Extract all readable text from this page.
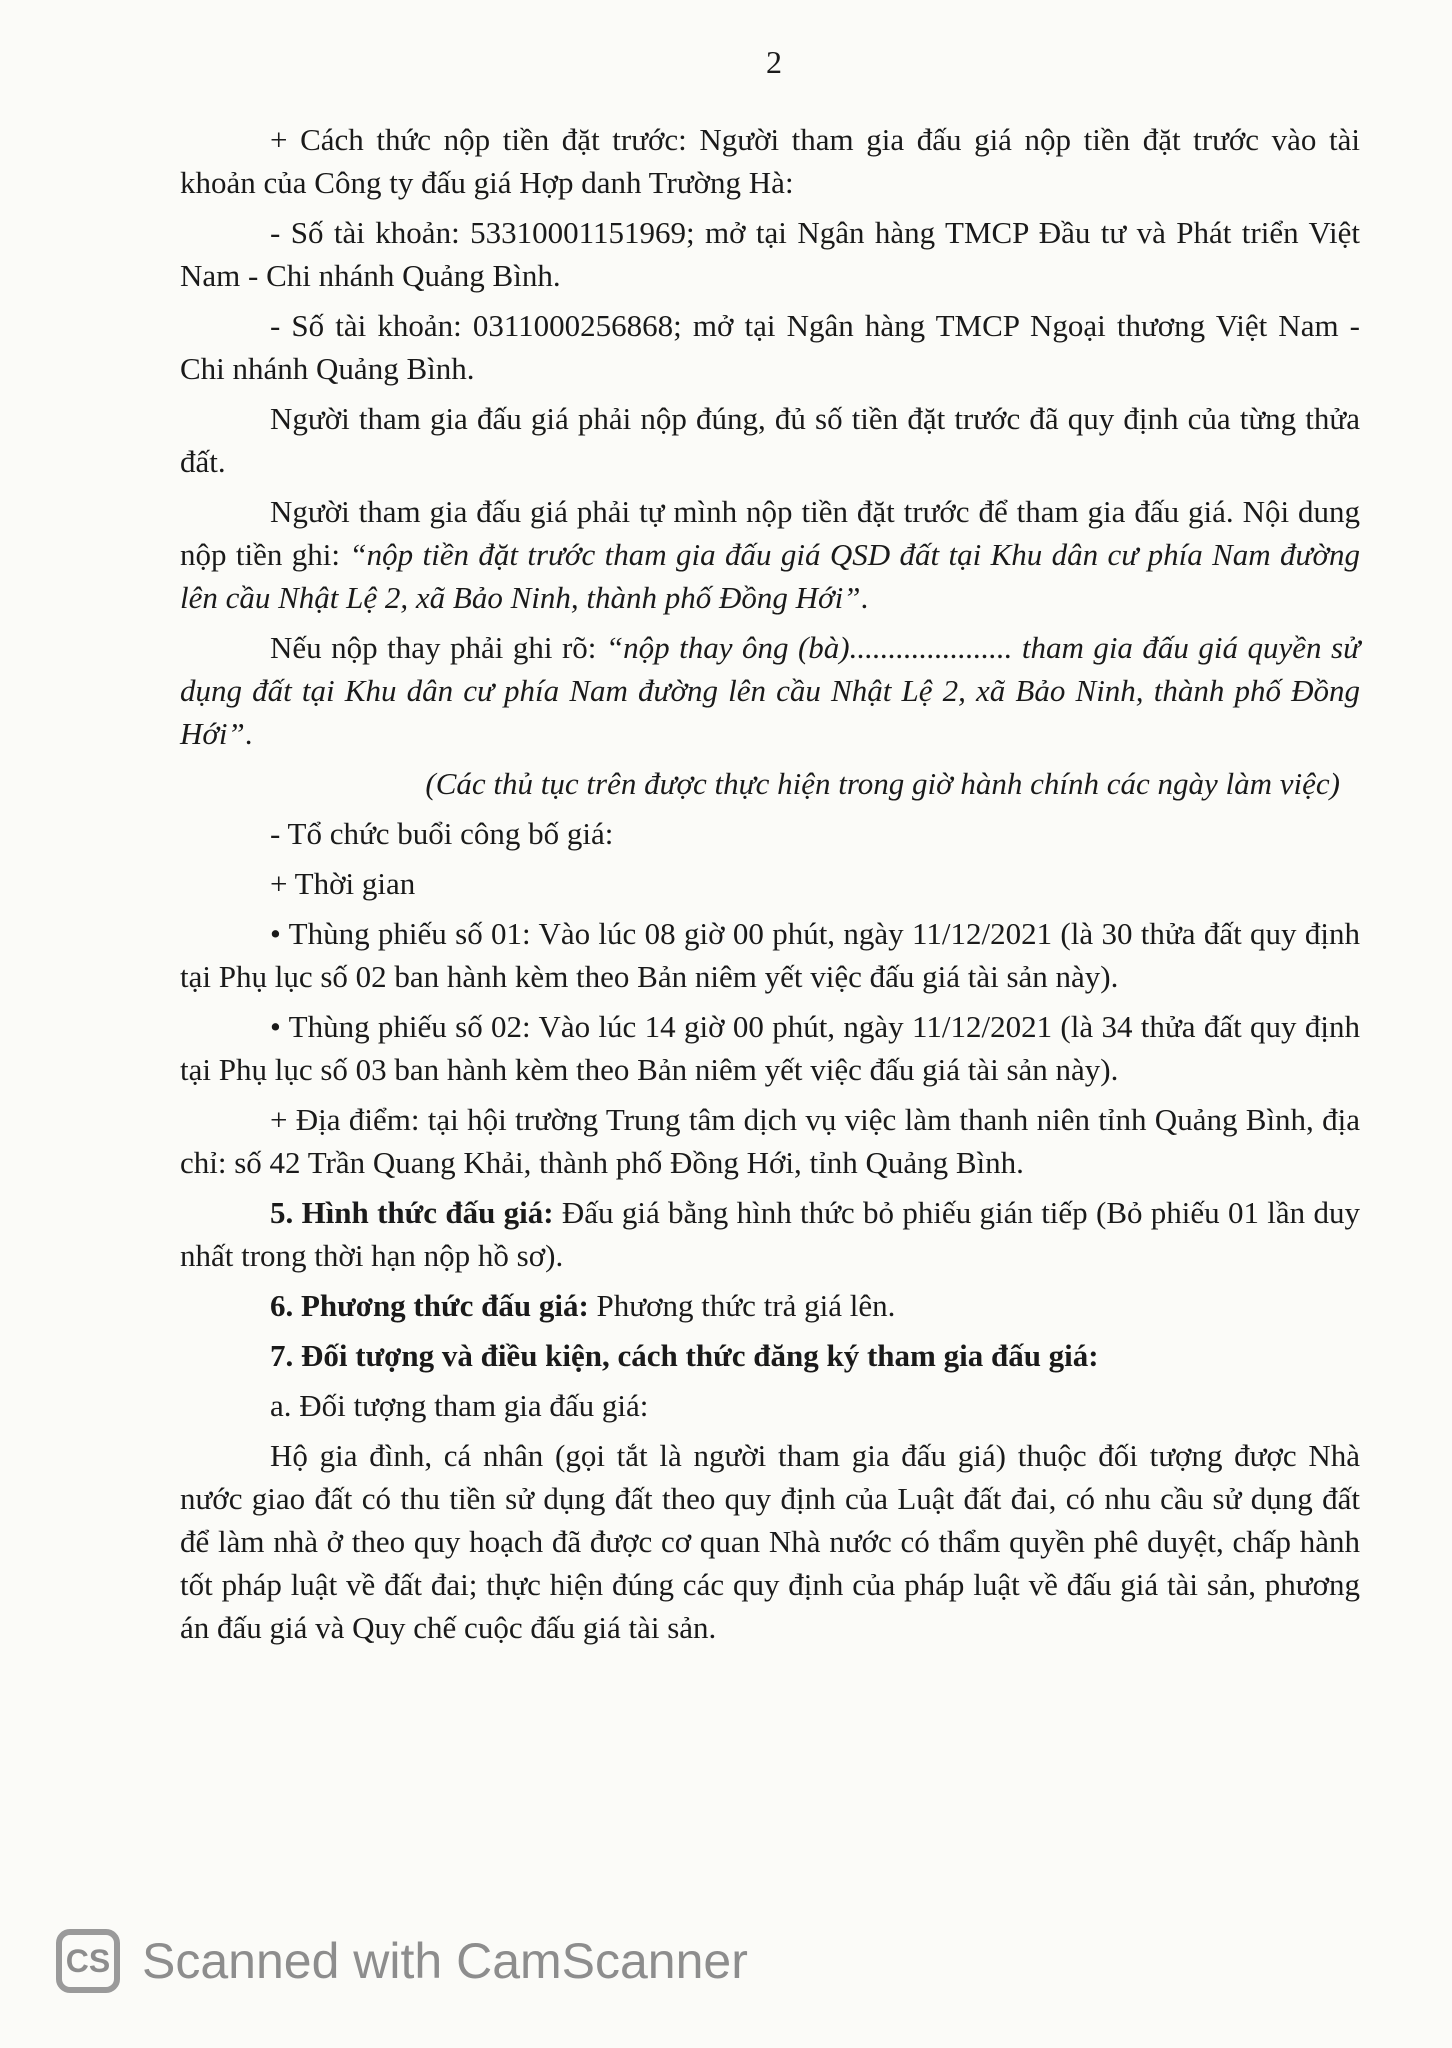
2

+ Cách thức nộp tiền đặt trước: Người tham gia đấu giá nộp tiền đặt trước vào tài khoản của Công ty đấu giá Hợp danh Trường Hà:

- Số tài khoản: 53310001151969; mở tại Ngân hàng TMCP Đầu tư và Phát triển Việt Nam - Chi nhánh Quảng Bình.

- Số tài khoản: 0311000256868; mở tại Ngân hàng TMCP Ngoại thương Việt Nam - Chi nhánh Quảng Bình.

Người tham gia đấu giá phải nộp đúng, đủ số tiền đặt trước đã quy định của từng thửa đất.

Người tham gia đấu giá phải tự mình nộp tiền đặt trước để tham gia đấu giá. Nội dung nộp tiền ghi: “nộp tiền đặt trước tham gia đấu giá QSD đất tại Khu dân cư phía Nam đường lên cầu Nhật Lệ 2, xã Bảo Ninh, thành phố Đồng Hới”.

Nếu nộp thay phải ghi rõ: “nộp thay ông (bà)..................... tham gia đấu giá quyền sử dụng đất tại Khu dân cư phía Nam đường lên cầu Nhật Lệ 2, xã Bảo Ninh, thành phố Đồng Hới”.

(Các thủ tục trên được thực hiện trong giờ hành chính các ngày làm việc)

- Tổ chức buổi công bố giá:

+ Thời gian

• Thùng phiếu số 01: Vào lúc 08 giờ 00 phút, ngày 11/12/2021 (là 30 thửa đất quy định tại Phụ lục số 02 ban hành kèm theo Bản niêm yết việc đấu giá tài sản này).

• Thùng phiếu số 02: Vào lúc 14 giờ 00 phút, ngày 11/12/2021 (là 34 thửa đất quy định tại Phụ lục số 03 ban hành kèm theo Bản niêm yết việc đấu giá tài sản này).

+ Địa điểm: tại hội trường Trung tâm dịch vụ việc làm thanh niên tỉnh Quảng Bình, địa chỉ: số 42 Trần Quang Khải, thành phố Đồng Hới, tỉnh Quảng Bình.

5. Hình thức đấu giá: Đấu giá bằng hình thức bỏ phiếu gián tiếp (Bỏ phiếu 01 lần duy nhất trong thời hạn nộp hồ sơ).

6. Phương thức đấu giá: Phương thức trả giá lên.

7. Đối tượng và điều kiện, cách thức đăng ký tham gia đấu giá:

a. Đối tượng tham gia đấu giá:

Hộ gia đình, cá nhân (gọi tắt là người tham gia đấu giá) thuộc đối tượng được Nhà nước giao đất có thu tiền sử dụng đất theo quy định của Luật đất đai, có nhu cầu sử dụng đất để làm nhà ở theo quy hoạch đã được cơ quan Nhà nước có thẩm quyền phê duyệt, chấp hành tốt pháp luật về đất đai; thực hiện đúng các quy định của pháp luật về đấu giá tài sản, phương án đấu giá và Quy chế cuộc đấu giá tài sản.

CS Scanned with CamScanner
